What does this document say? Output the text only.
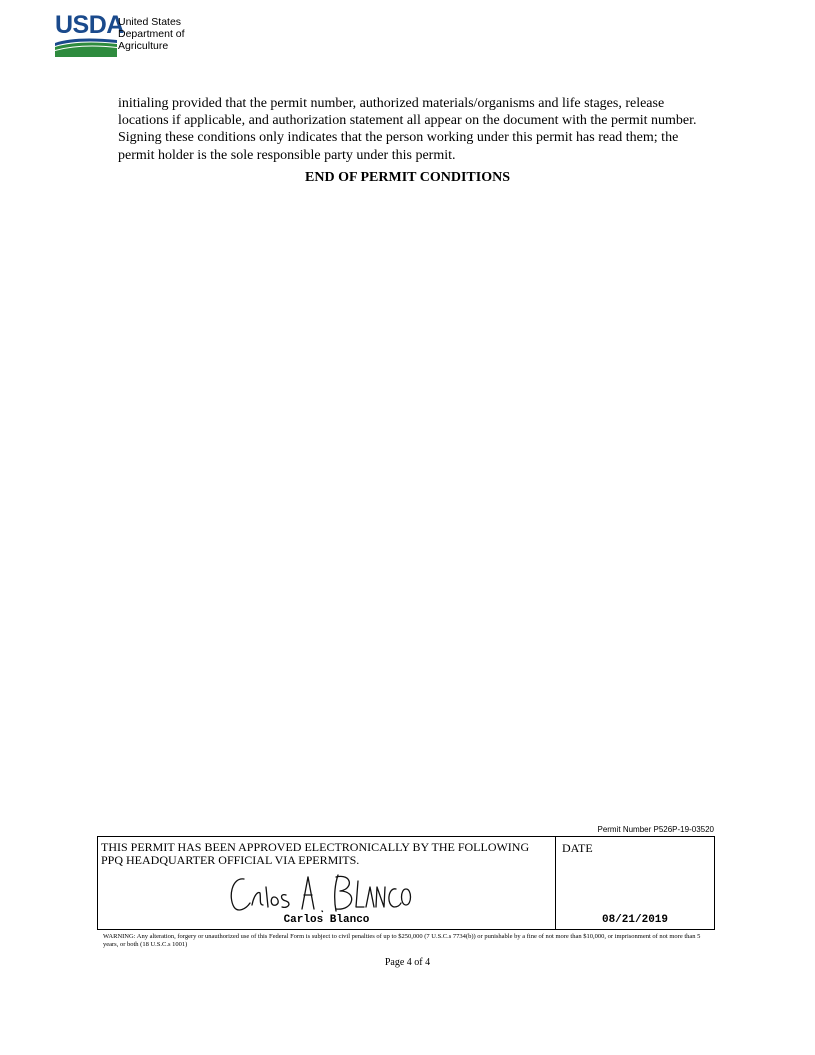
USDA
United States
Department of
Agriculture

initialing provided that the permit number, authorized materials/organisms and life stages, release locations if applicable, and authorization statement all appear on the document with the permit number. Signing these conditions only indicates that the person working under this permit has read them; the permit holder is the sole responsible party under this permit.

END OF PERMIT CONDITIONS
Permit Number P526P-19-03520
THIS PERMIT HAS BEEN APPROVED ELECTRONICALLY BY THE FOLLOWING PPQ HEADQUARTER OFFICIAL VIA EPERMITS.
Carlos Blanco
DATE
08/21/2019
WARNING: Any alteration, forgery or unauthorized use of this Federal Form is subject to civil penalties of up to $250,000 (7 U.S.C.s 7734(b)) or punishable by a fine of not more than $10,000, or imprisonment of not more than 5 years, or both (18 U.S.C.s 1001)
Page 4 of 4
